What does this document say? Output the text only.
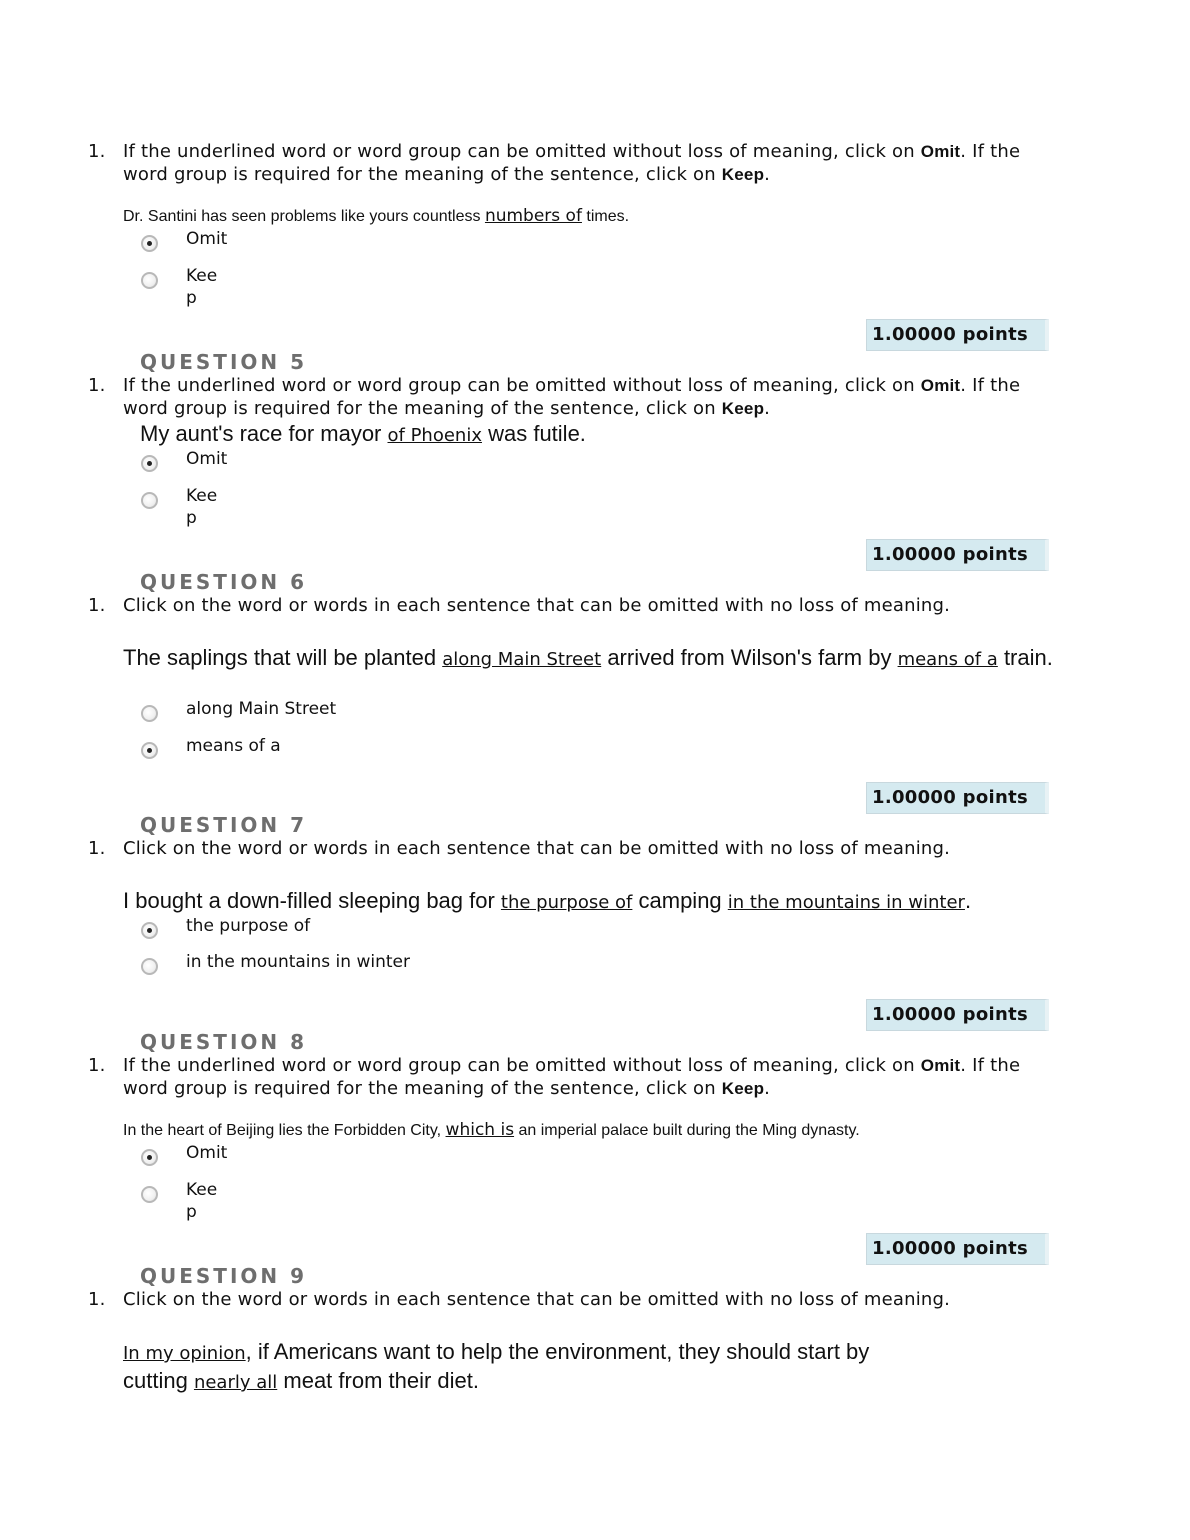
1. If the underlined word or word group can be omitted without loss of meaning, click on Omit. If the word group is required for the meaning of the sentence, click on Keep.
Dr. Santini has seen problems like yours countless numbers of times.
Omit
Keep
1.00000 points
QUESTION 5
1. If the underlined word or word group can be omitted without loss of meaning, click on Omit. If the word group is required for the meaning of the sentence, click on Keep.
My aunt's race for mayor of Phoenix was futile.
Omit
Keep
1.00000 points
QUESTION 6
1. Click on the word or words in each sentence that can be omitted with no loss of meaning.
The saplings that will be planted along Main Street arrived from Wilson's farm by means of a train.
along Main Street
means of a
1.00000 points
QUESTION 7
1. Click on the word or words in each sentence that can be omitted with no loss of meaning.
I bought a down-filled sleeping bag for the purpose of camping in the mountains in winter.
the purpose of
in the mountains in winter
1.00000 points
QUESTION 8
1. If the underlined word or word group can be omitted without loss of meaning, click on Omit. If the word group is required for the meaning of the sentence, click on Keep.
In the heart of Beijing lies the Forbidden City, which is an imperial palace built during the Ming dynasty.
Omit
Keep
1.00000 points
QUESTION 9
1. Click on the word or words in each sentence that can be omitted with no loss of meaning.
In my opinion, if Americans want to help the environment, they should start by cutting nearly all meat from their diet.
